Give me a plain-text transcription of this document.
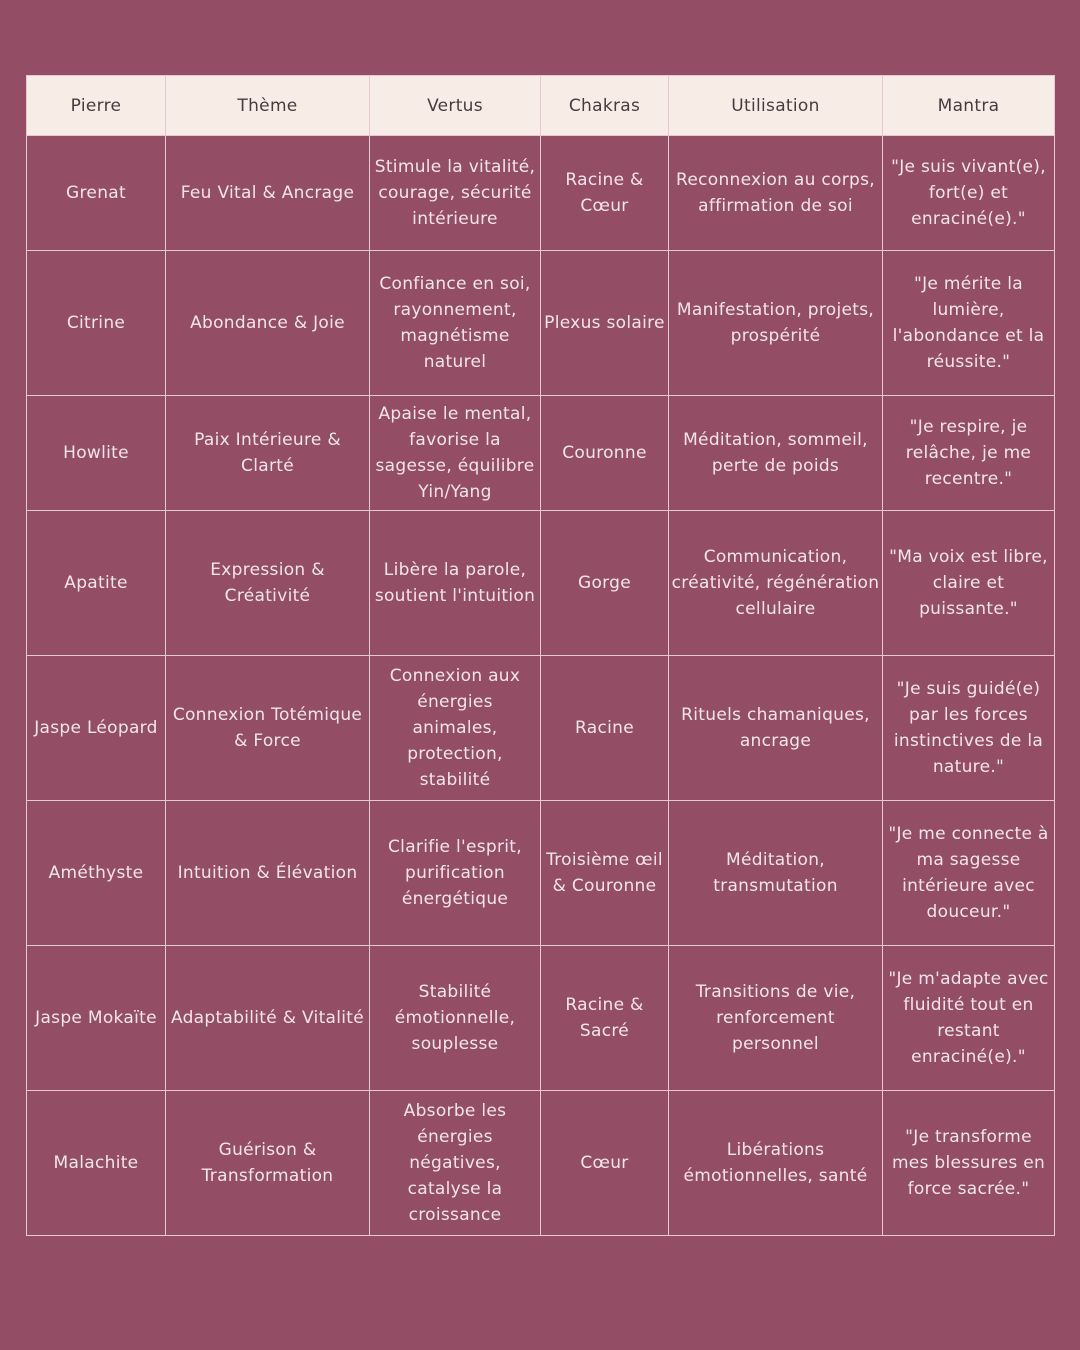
Pierre	Thème	Vertus	Chakras	Utilisation	Mantra
Grenat	Feu Vital & Ancrage	Stimule la vitalité, courage, sécurité intérieure	Racine & Cœur	Reconnexion au corps, affirmation de soi	"Je suis vivant(e), fort(e) et enraciné(e)."
Citrine	Abondance & Joie	Confiance en soi, rayonnement, magnétisme naturel	Plexus solaire	Manifestation, projets, prospérité	"Je mérite la lumière, l'abondance et la réussite."
Howlite	Paix Intérieure & Clarté	Apaise le mental, favorise la sagesse, équilibre Yin/Yang	Couronne	Méditation, sommeil, perte de poids	"Je respire, je relâche, je me recentre."
Apatite	Expression & Créativité	Libère la parole, soutient l'intuition	Gorge	Communication, créativité, régénération cellulaire	"Ma voix est libre, claire et puissante."
Jaspe Léopard	Connexion Totémique & Force	Connexion aux énergies animales, protection, stabilité	Racine	Rituels chamaniques, ancrage	"Je suis guidé(e) par les forces instinctives de la nature."
Améthyste	Intuition & Élévation	Clarifie l'esprit, purification énergétique	Troisième œil & Couronne	Méditation, transmutation	"Je me connecte à ma sagesse intérieure avec douceur."
Jaspe Mokaïte	Adaptabilité & Vitalité	Stabilité émotionnelle, souplesse	Racine & Sacré	Transitions de vie, renforcement personnel	"Je m'adapte avec fluidité tout en restant enraciné(e)."
Malachite	Guérison & Transformation	Absorbe les énergies négatives, catalyse la croissance	Cœur	Libérations émotionnelles, santé	"Je transforme mes blessures en force sacrée."
